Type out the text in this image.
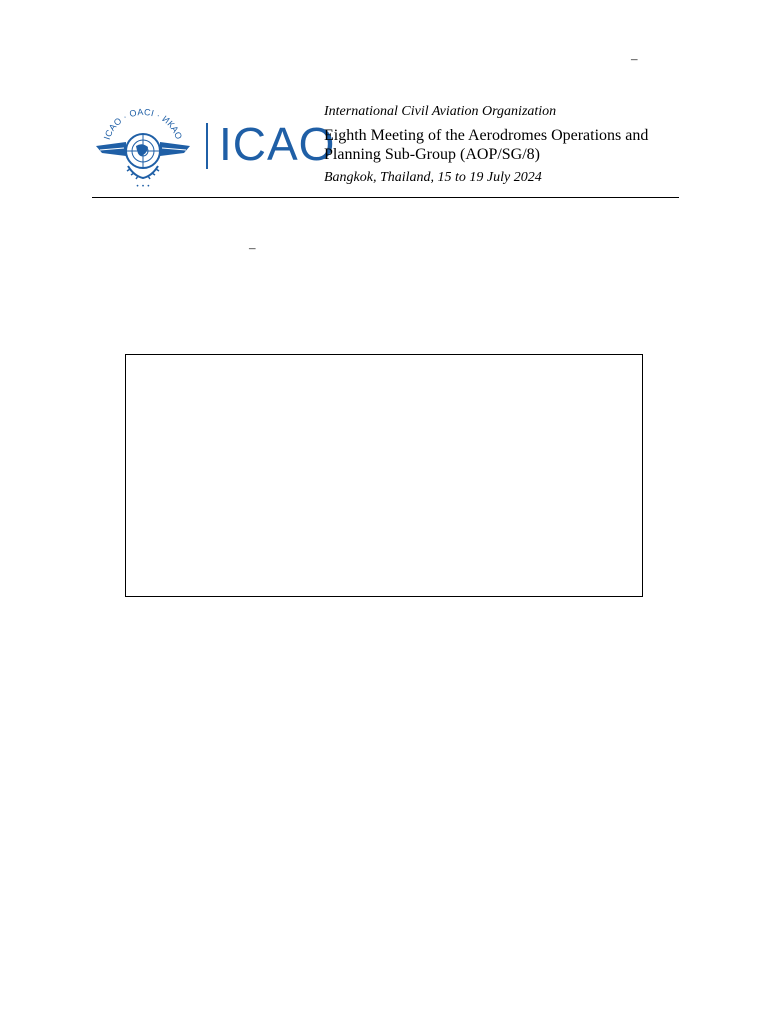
–
ICAO · OACI · ИКАО
• • •
ICAO
International Civil Aviation Organization
Eighth Meeting of the Aerodromes Operations and Planning Sub-Group (AOP/SG/8)
Bangkok, Thailand, 15 to 19 July 2024
–
